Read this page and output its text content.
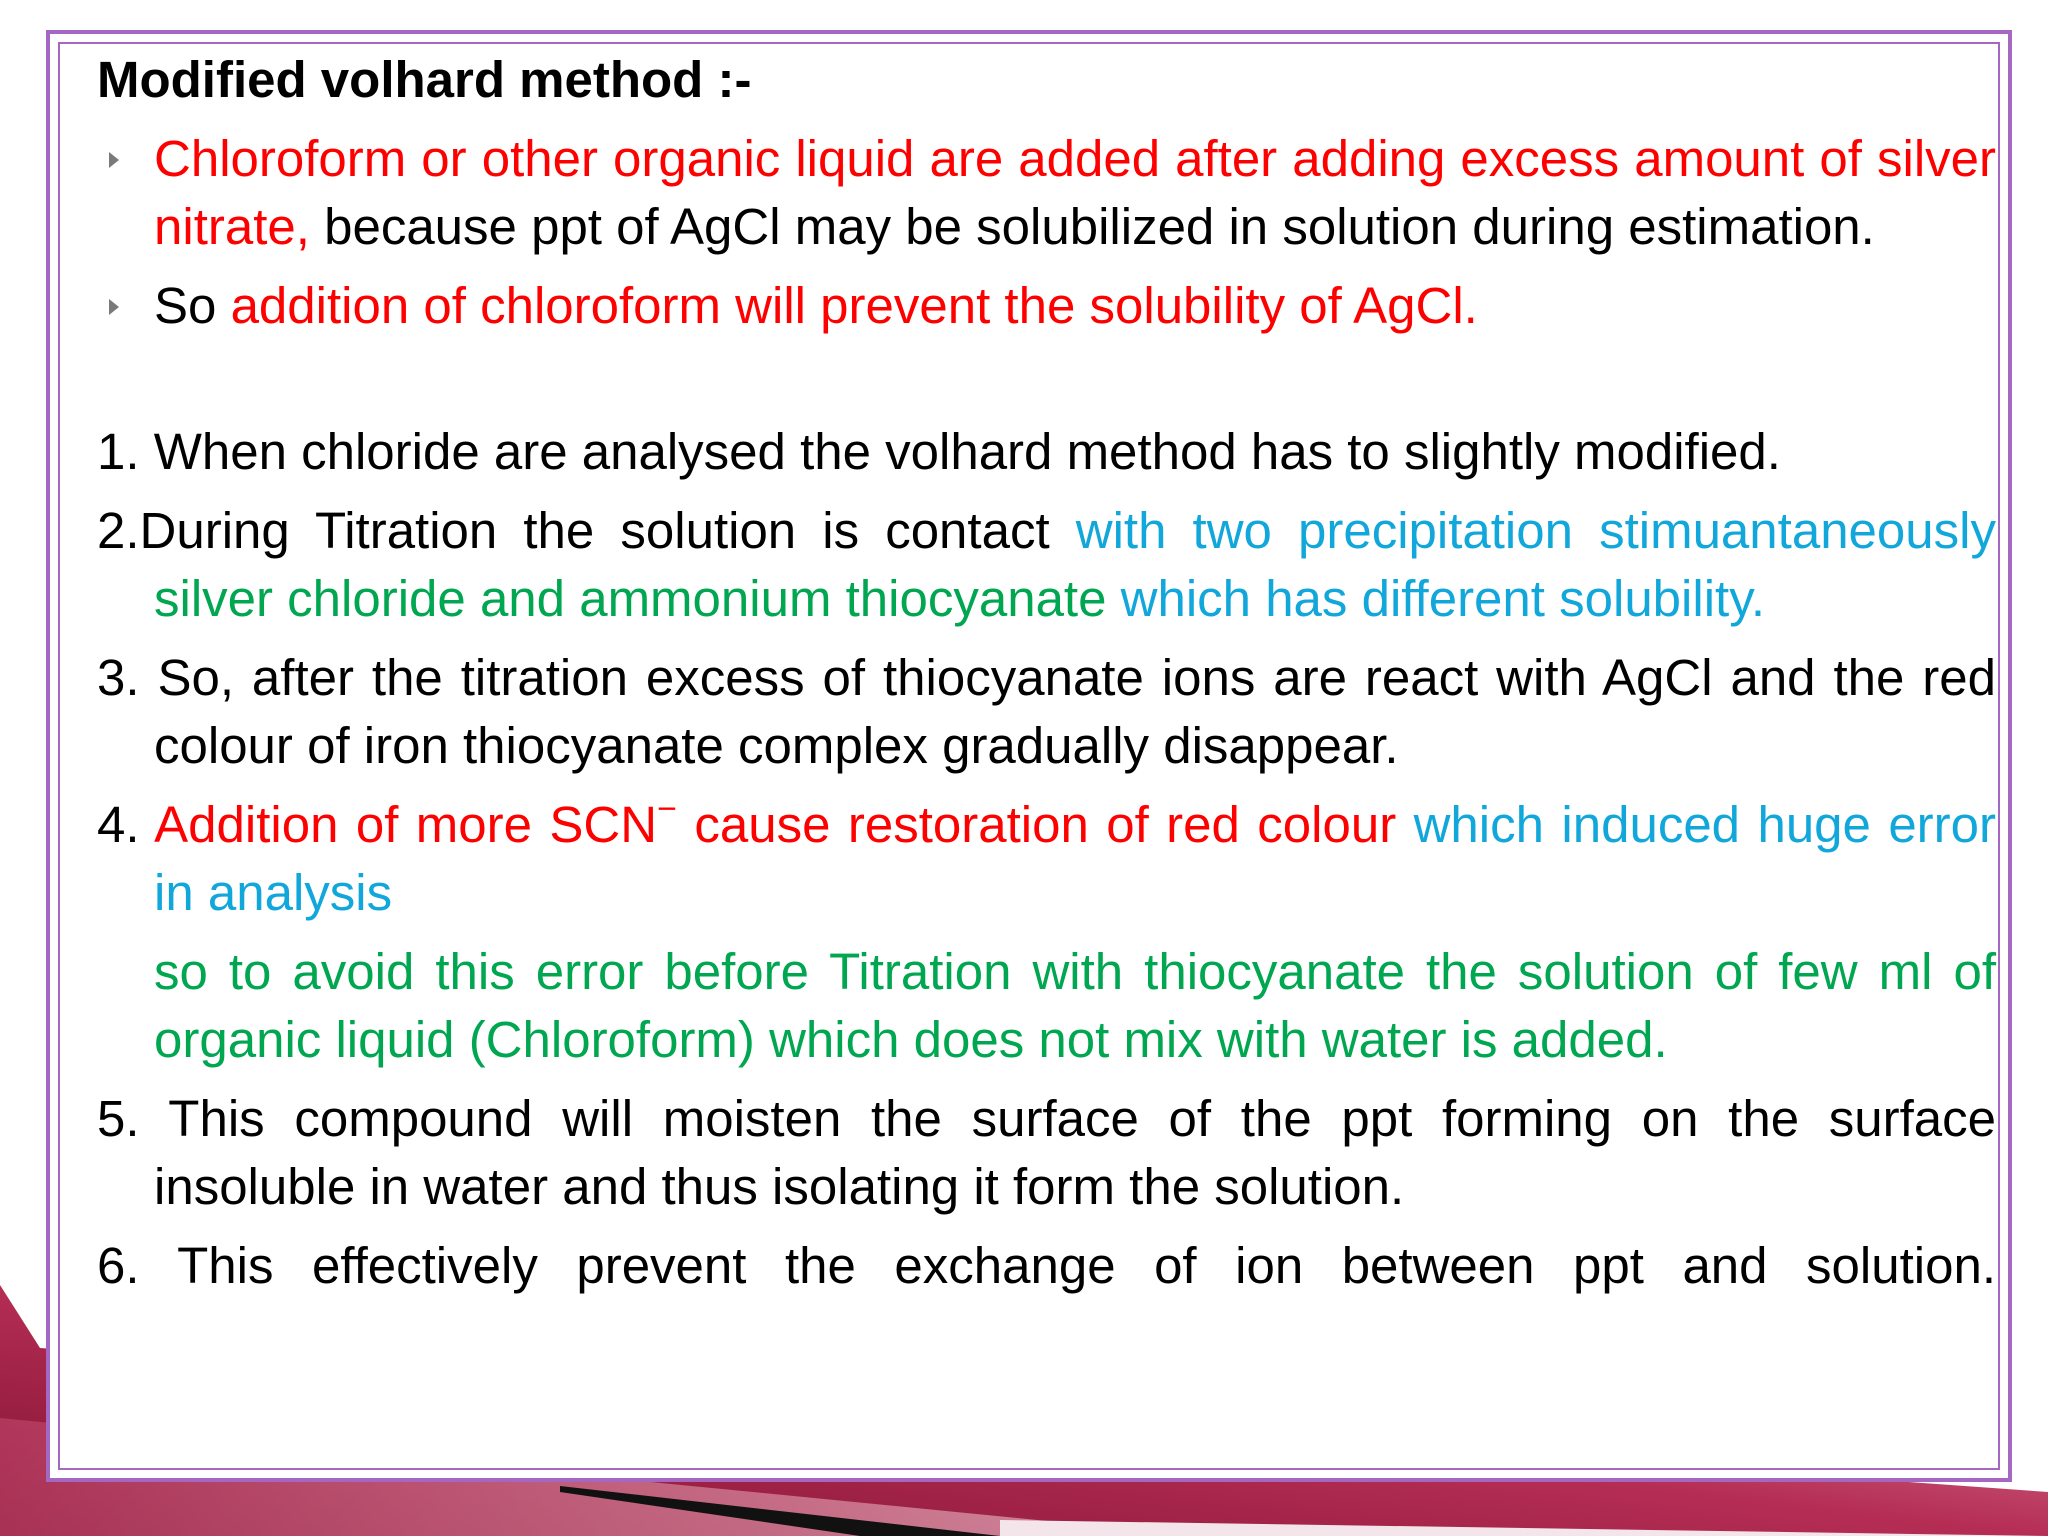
Modified volhard method :-

Chloroform or other organic liquid are added after adding excess amount of silver nitrate, because ppt of AgCl may be solubilized in solution during estimation.

So addition of chloroform will prevent the solubility of AgCl.

1. When chloride are analysed the volhard method has to slightly modified.

2.During Titration the solution is contact with two precipitation stimuantaneously silver chloride and ammonium thiocyanate which has different solubility.

3. So, after the titration excess of thiocyanate ions are react with AgCl and the red colour of iron thiocyanate complex gradually disappear.

4. Addition of more SCN− cause restoration of red colour which induced huge error in analysis

so to avoid this error before Titration with thiocyanate the solution of few ml of organic liquid (Chloroform) which does not mix with water is added.

5. This compound will moisten the surface of the ppt forming on the surface insoluble in water and thus isolating it form the solution.

6. This effectively prevent the exchange of ion between ppt and solution.
